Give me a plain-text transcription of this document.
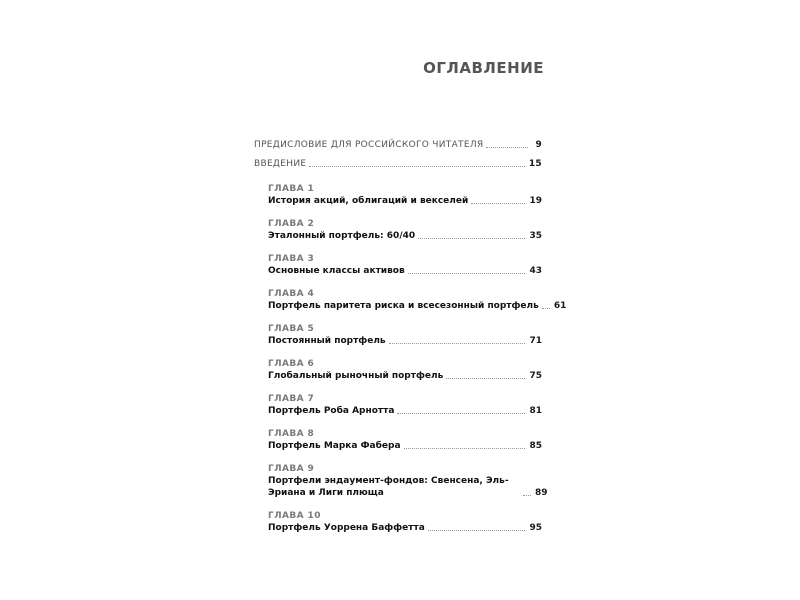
ОГЛАВЛЕНИЕ
ПРЕДИСЛОВИЕ ДЛЯ РОССИЙСКОГО ЧИТАТЕЛЯ	9
ВВЕДЕНИЕ	15
ГЛАВА 1
История акций, облигаций и векселей	19
ГЛАВА 2
Эталонный портфель: 60/40	35
ГЛАВА 3
Основные классы активов	43
ГЛАВА 4
Портфель паритета риска и всесезонный портфель 61
ГЛАВА 5
Постоянный портфель	71
ГЛАВА 6
Глобальный рыночный портфель	75
ГЛАВА 7
Портфель Роба Арнотта	81
ГЛАВА 8
Портфель Марка Фабера	85
ГЛАВА 9
Портфели эндаумент-фондов: Свенсена, Эль-Эриана и Лиги плюща	89
ГЛАВА 10
Портфель Уоррена Баффетта	95
